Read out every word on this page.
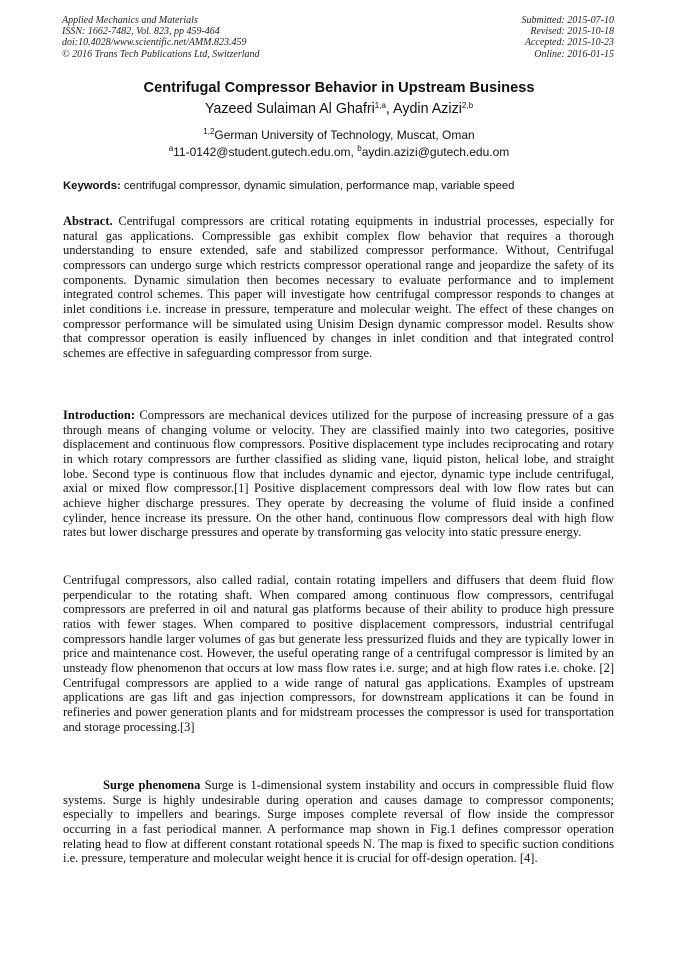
Applied Mechanics and Materials
ISSN: 1662-7482, Vol. 823, pp 459-464
doi:10.4028/www.scientific.net/AMM.823.459
© 2016 Trans Tech Publications Ltd, Switzerland
Submitted: 2015-07-10
Revised: 2015-10-18
Accepted: 2015-10-23
Online: 2016-01-15
Centrifugal Compressor Behavior in Upstream Business
Yazeed Sulaiman Al Ghafri$^{1,a}$, Aydin Azizi$^{2,b}$
$^{1,2}$German University of Technology, Muscat, Oman
$^a$11-0142@student.gutech.edu.om, $^b$aydin.azizi@gutech.edu.om
Keywords: centrifugal compressor, dynamic simulation, performance map, variable speed
Abstract. Centrifugal compressors are critical rotating equipments in industrial processes, especially for natural gas applications. Compressible gas exhibit complex flow behavior that requires a thorough understanding to ensure extended, safe and stabilized compressor performance. Without, Centrifugal compressors can undergo surge which restricts compressor operational range and jeopardize the safety of its components. Dynamic simulation then becomes necessary to evaluate performance and to implement integrated control schemes. This paper will investigate how centrifugal compressor responds to changes at inlet conditions i.e. increase in pressure, temperature and molecular weight. The effect of these changes on compressor performance will be simulated using Unisim Design dynamic compressor model. Results show that compressor operation is easily influenced by changes in inlet condition and that integrated control schemes are effective in safeguarding compressor from surge.
Introduction: Compressors are mechanical devices utilized for the purpose of increasing pressure of a gas through means of changing volume or velocity. They are classified mainly into two categories, positive displacement and continuous flow compressors. Positive displacement type includes reciprocating and rotary in which rotary compressors are further classified as sliding vane, liquid piston, helical lobe, and straight lobe. Second type is continuous flow that includes dynamic and ejector, dynamic type include centrifugal, axial or mixed flow compressor.[1] Positive displacement compressors deal with low flow rates but can achieve higher discharge pressures. They operate by decreasing the volume of fluid inside a confined cylinder, hence increase its pressure. On the other hand, continuous flow compressors deal with high flow rates but lower discharge pressures and operate by transforming gas velocity into static pressure energy.
Centrifugal compressors, also called radial, contain rotating impellers and diffusers that deem fluid flow perpendicular to the rotating shaft. When compared among continuous flow compressors, centrifugal compressors are preferred in oil and natural gas platforms because of their ability to produce high pressure ratios with fewer stages. When compared to positive displacement compressors, industrial centrifugal compressors handle larger volumes of gas but generate less pressurized fluids and they are typically lower in price and maintenance cost. However, the useful operating range of a centrifugal compressor is limited by an unsteady flow phenomenon that occurs at low mass flow rates i.e. surge; and at high flow rates i.e. choke. [2] Centrifugal compressors are applied to a wide range of natural gas applications. Examples of upstream applications are gas lift and gas injection compressors, for downstream applications it can be found in refineries and power generation plants and for midstream processes the compressor is used for transportation and storage processing.[3]
Surge phenomena Surge is 1-dimensional system instability and occurs in compressible fluid flow systems. Surge is highly undesirable during operation and causes damage to compressor components; especially to impellers and bearings. Surge imposes complete reversal of flow inside the compressor occurring in a fast periodical manner. A performance map shown in Fig.1 defines compressor operation relating head to flow at different constant rotational speeds N. The map is fixed to specific suction conditions i.e. pressure, temperature and molecular weight hence it is crucial for off-design operation. [4].
